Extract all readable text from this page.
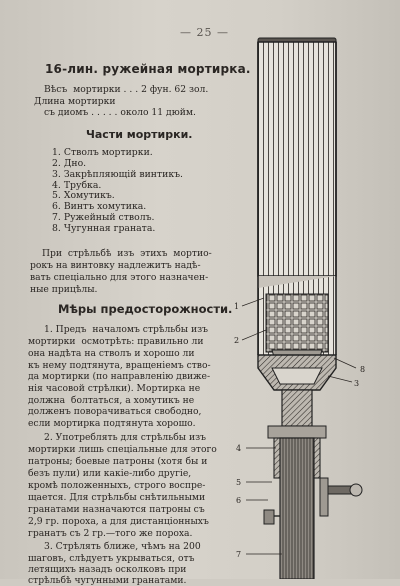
— 25 —
16-лин. ружейная мортирка.
Вѣсъ  мортирки . . . 2 фун. 62 зол.
Длина мортирки
съ диомъ . . . . . около 11 дюйм.
Части мортирки.
1. Стволъ мортирки.
2. Дно.
3. Закрѣпляющій винтикъ.
4. Трубка.
5. Хомутикъ.
6. Винтъ хомутика.
7. Ружейный стволъ.
8. Чугунная граната.
При  стрѣльбѣ  изъ  этихъ  мортио-
рокъ на винтовку надлежитъ надѣ-
вать спеціально для этого назначен-
ные прицѣлы.
Мѣры предосторожности.
1. Предъ  началомъ стрѣльбы изъ
мортирки  осмотрѣть: правильно ли
она надѣта на стволъ и хорошо ли
къ нему подтянута, вращеніемъ ство-
да мортирки (по направленію движе-
нія часовой стрѣлки). Мортирка не
должна  болтаться, а хомутикъ не
долженъ поворачиваться свободно,
если мортирка подтянута хорошо.
2. Употреблять для стрѣльбы изъ
мортирки лишь спеціальные для этого
патроны; боевые патроны (хотя бы и
безъ пули) или какіе-либо другіе,
кромѣ положенныхъ, строго воспре-
щается. Для стрѣльбы снѣтильными
гранатами назначаются патроны съ
2,9 гр. пороха, а для дистанціонныхъ
гранатъ съ 2 гр.—того же пороха.
3. Стрѣлять ближе, чѣмъ на 200
шаговъ, слѣдуетъ укрываться, отъ
летящихъ назадъ осколковъ при
стрѣльбѣ чугунными гранатами.
1
8
3
2
4
5
6
7
